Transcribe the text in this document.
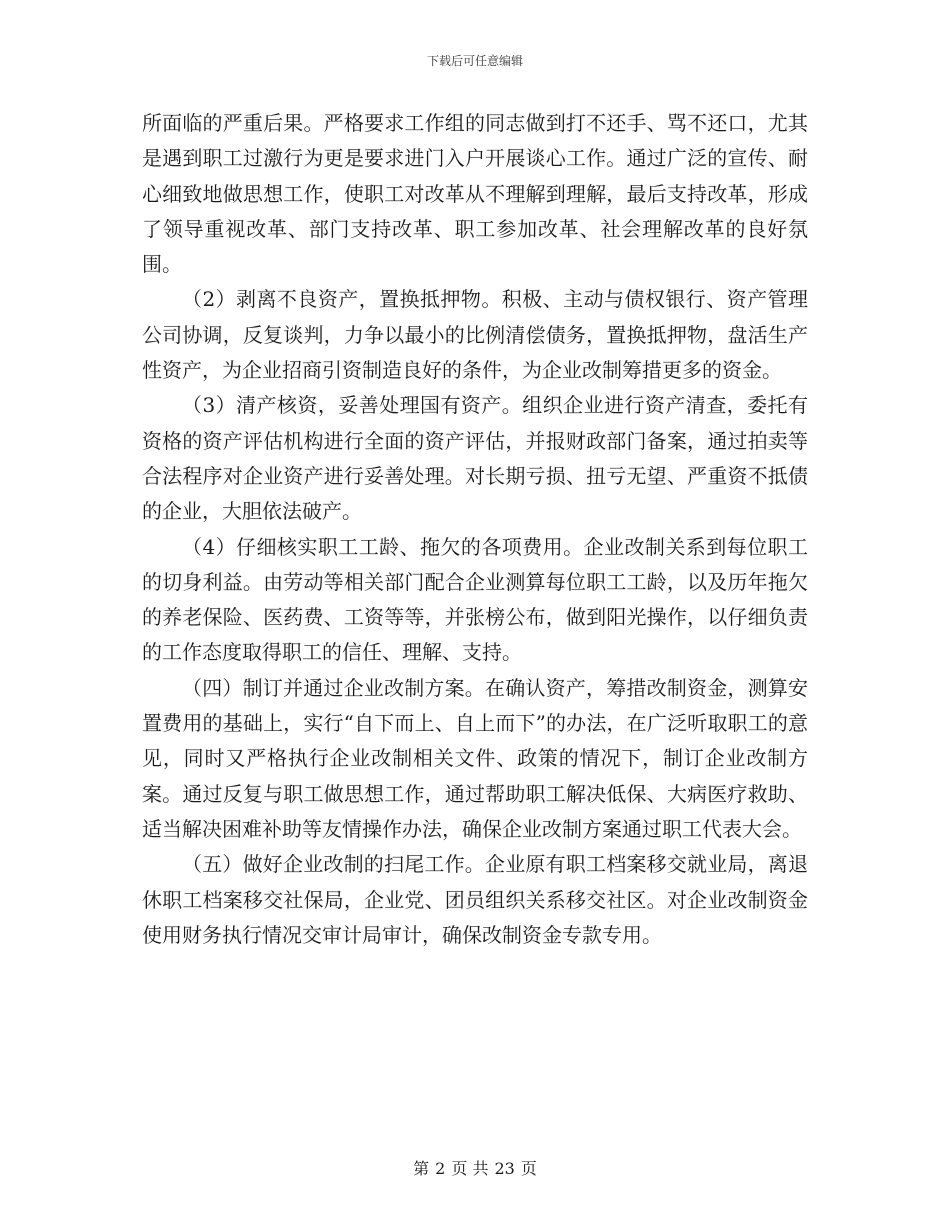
下载后可任意编辑

所面临的严重后果。严格要求工作组的同志做到打不还手、骂不还口，尤其是遇到职工过激行为更是要求进门入户开展谈心工作。通过广泛的宣传、耐心细致地做思想工作，使职工对改革从不理解到理解，最后支持改革，形成了领导重视改革、部门支持改革、职工参加改革、社会理解改革的良好氛围。

（2）剥离不良资产，置换抵押物。积极、主动与债权银行、资产管理公司协调，反复谈判，力争以最小的比例清偿债务，置换抵押物，盘活生产性资产，为企业招商引资制造良好的条件，为企业改制筹措更多的资金。

（3）清产核资，妥善处理国有资产。组织企业进行资产清查，委托有资格的资产评估机构进行全面的资产评估，并报财政部门备案，通过拍卖等合法程序对企业资产进行妥善处理。对长期亏损、扭亏无望、严重资不抵债的企业，大胆依法破产。

（4）仔细核实职工工龄、拖欠的各项费用。企业改制关系到每位职工的切身利益。由劳动等相关部门配合企业测算每位职工工龄，以及历年拖欠的养老保险、医药费、工资等等，并张榜公布，做到阳光操作，以仔细负责的工作态度取得职工的信任、理解、支持。

（四）制订并通过企业改制方案。在确认资产，筹措改制资金，测算安置费用的基础上，实行“自下而上、自上而下”的办法，在广泛听取职工的意见，同时又严格执行企业改制相关文件、政策的情况下，制订企业改制方案。通过反复与职工做思想工作，通过帮助职工解决低保、大病医疗救助、适当解决困难补助等友情操作办法，确保企业改制方案通过职工代表大会。

（五）做好企业改制的扫尾工作。企业原有职工档案移交就业局，离退休职工档案移交社保局，企业党、团员组织关系移交社区。对企业改制资金使用财务执行情况交审计局审计，确保改制资金专款专用。

第 2 页 共 23 页
